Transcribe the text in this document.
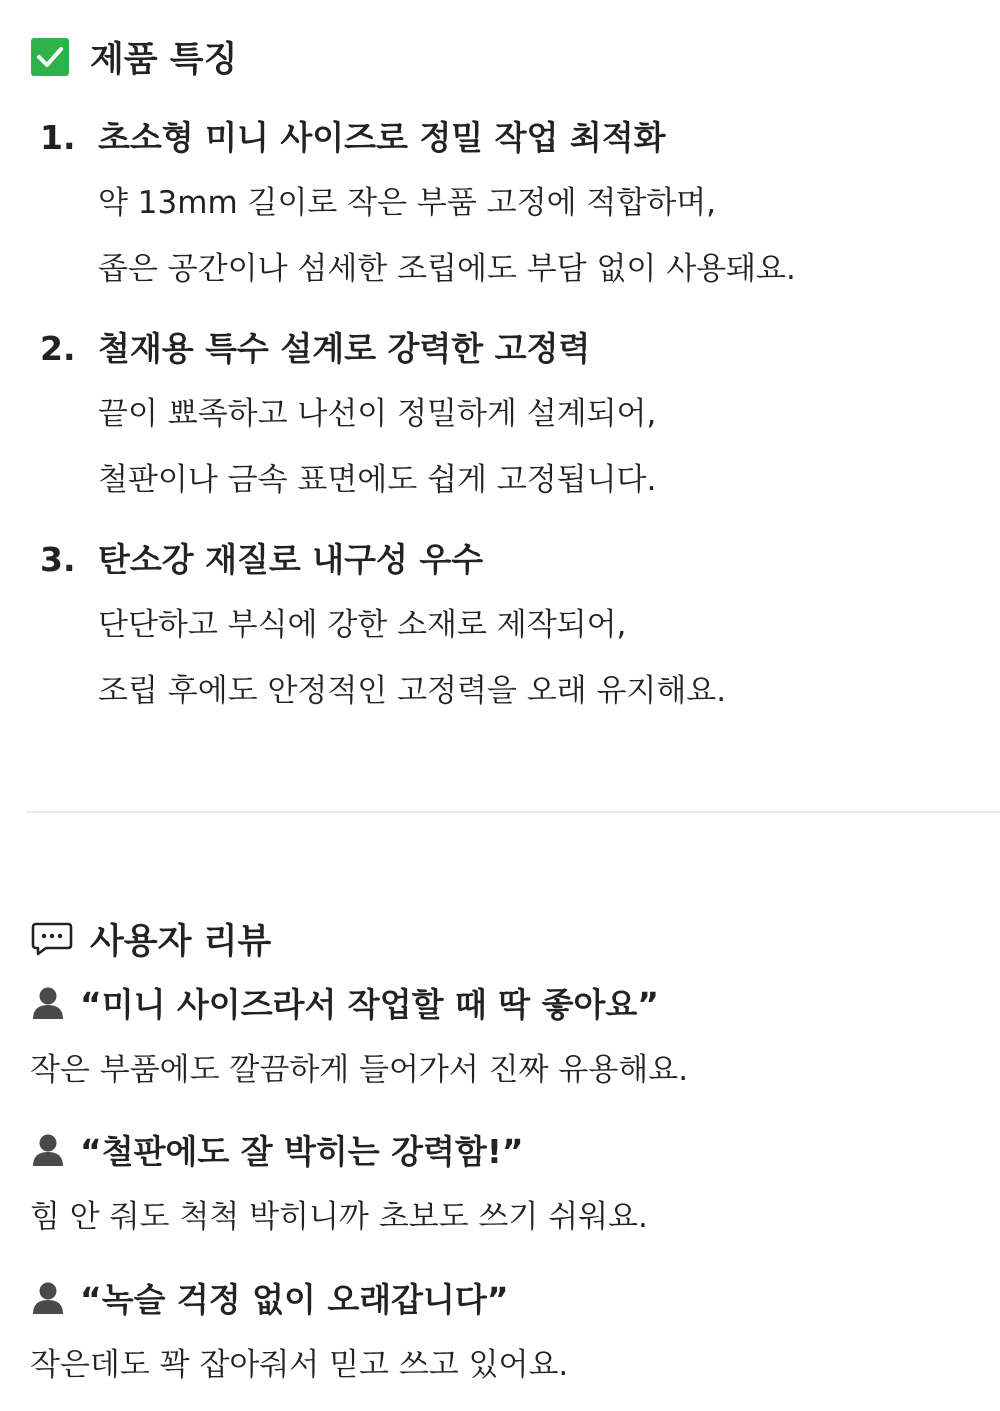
제품 특징
1. 초소형 미니 사이즈로 정밀 작업 최적화
약 13mm 길이로 작은 부품 고정에 적합하며,
좁은 공간이나 섬세한 조립에도 부담 없이 사용돼요.
2. 철재용 특수 설계로 강력한 고정력
끝이 뾰족하고 나선이 정밀하게 설계되어,
철판이나 금속 표면에도 쉽게 고정됩니다.
3. 탄소강 재질로 내구성 우수
단단하고 부식에 강한 소재로 제작되어,
조립 후에도 안정적인 고정력을 오래 유지해요.
사용자 리뷰
“미니 사이즈라서 작업할 때 딱 좋아요”
작은 부품에도 깔끔하게 들어가서 진짜 유용해요.
“철판에도 잘 박히는 강력함!”
힘 안 줘도 척척 박히니까 초보도 쓰기 쉬워요.
“녹슬 걱정 없이 오래갑니다”
작은데도 꽉 잡아줘서 믿고 쓰고 있어요.
